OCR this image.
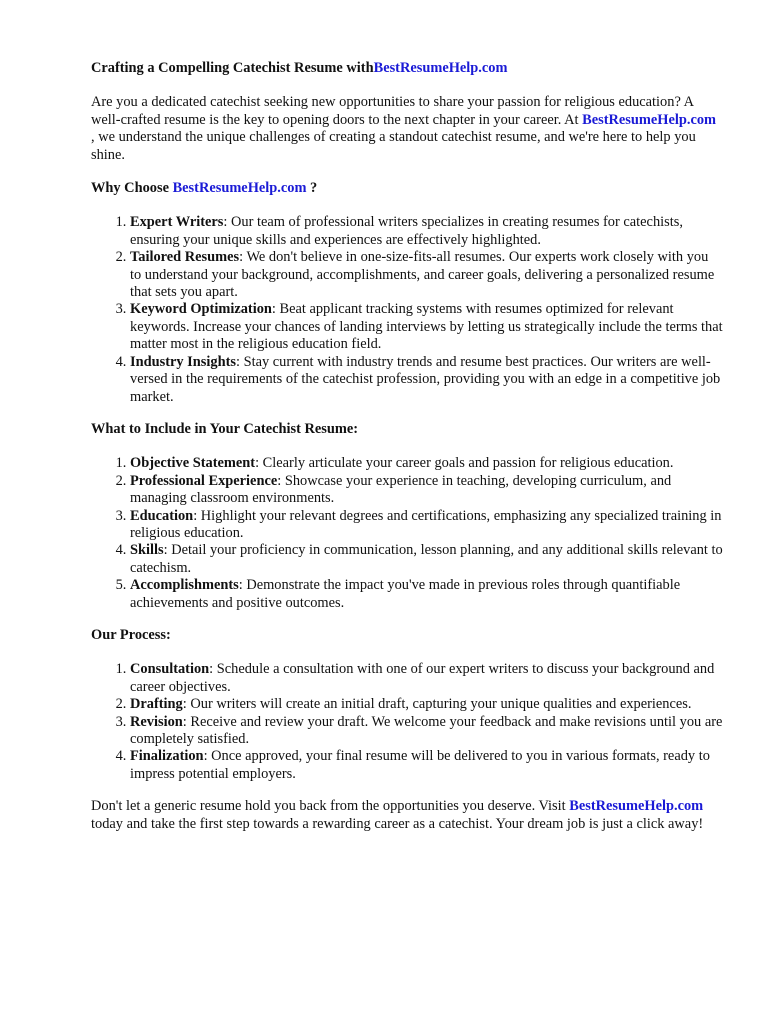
Crafting a Compelling Catechist Resume withBestResumeHelp.com

Are you a dedicated catechist seeking new opportunities to share your passion for religious education? A well-crafted resume is the key to opening doors to the next chapter in your career. At BestResumeHelp.com , we understand the unique challenges of creating a standout catechist resume, and we're here to help you shine.

Why Choose BestResumeHelp.com ?
1. Expert Writers: Our team of professional writers specializes in creating resumes for catechists, ensuring your unique skills and experiences are effectively highlighted.
2. Tailored Resumes: We don't believe in one-size-fits-all resumes. Our experts work closely with you to understand your background, accomplishments, and career goals, delivering a personalized resume that sets you apart.
3. Keyword Optimization: Beat applicant tracking systems with resumes optimized for relevant keywords. Increase your chances of landing interviews by letting us strategically include the terms that matter most in the religious education field.
4. Industry Insights: Stay current with industry trends and resume best practices. Our writers are well-versed in the requirements of the catechist profession, providing you with an edge in a competitive job market.
What to Include in Your Catechist Resume:
1. Objective Statement: Clearly articulate your career goals and passion for religious education.
2. Professional Experience: Showcase your experience in teaching, developing curriculum, and managing classroom environments.
3. Education: Highlight your relevant degrees and certifications, emphasizing any specialized training in religious education.
4. Skills: Detail your proficiency in communication, lesson planning, and any additional skills relevant to catechism.
5. Accomplishments: Demonstrate the impact you've made in previous roles through quantifiable achievements and positive outcomes.
Our Process:
1. Consultation: Schedule a consultation with one of our expert writers to discuss your background and career objectives.
2. Drafting: Our writers will create an initial draft, capturing your unique qualities and experiences.
3. Revision: Receive and review your draft. We welcome your feedback and make revisions until you are completely satisfied.
4. Finalization: Once approved, your final resume will be delivered to you in various formats, ready to impress potential employers.

Don't let a generic resume hold you back from the opportunities you deserve. Visit BestResumeHelp.com today and take the first step towards a rewarding career as a catechist. Your dream job is just a click away!
